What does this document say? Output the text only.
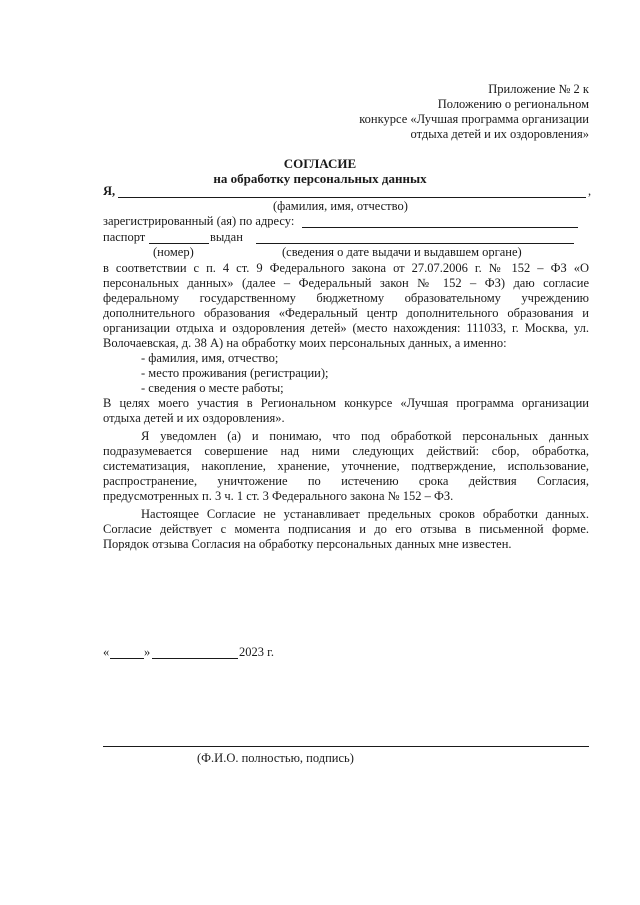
Приложение № 2 к
Положению о региональном
конкурсе «Лучшая программа организации
отдыха детей и их оздоровления»
СОГЛАСИЕ
на обработку персональных данных
Я,	,
(фамилия, имя, отчество)
зарегистрированный (ая) по адресу:
паспорт	выдан
(номер)	(сведения о дате выдачи и выдавшем органе)
в соответствии с п. 4 ст. 9 Федерального закона от 27.07.2006 г. № 152 – ФЗ «О
персональных данных» (далее – Федеральный закон № 152 – ФЗ) даю согласие
федеральному государственному бюджетному образовательному учреждению
дополнительного образования «Федеральный центр дополнительного образования и
организации отдыха и оздоровления детей» (место нахождения: 111033, г. Москва, ул.
Волочаевская, д. 38 А) на обработку моих персональных данных, а именно:
- фамилия, имя, отчество;
- место проживания (регистрации);
- сведения о месте работы;
В целях моего участия в Региональном конкурсе «Лучшая программа организации
отдыха детей и их оздоровления».
Я уведомлен (а) и понимаю, что под обработкой персональных данных
подразумевается совершение над ними следующих действий: сбор, обработка,
систематизация, накопление, хранение, уточнение, подтверждение, использование,
распространение, уничтожение по истечению срока действия Согласия,
предусмотренных п. 3 ч. 1 ст. 3 Федерального закона № 152 – ФЗ.
Настоящее Согласие не устанавливает предельных сроков обработки данных.
Согласие действует с момента подписания и до его отзыва в письменной форме.
Порядок отзыва Согласия на обработку персональных данных мне известен.
«	»	2023 г.
(Ф.И.О. полностью, подпись)
